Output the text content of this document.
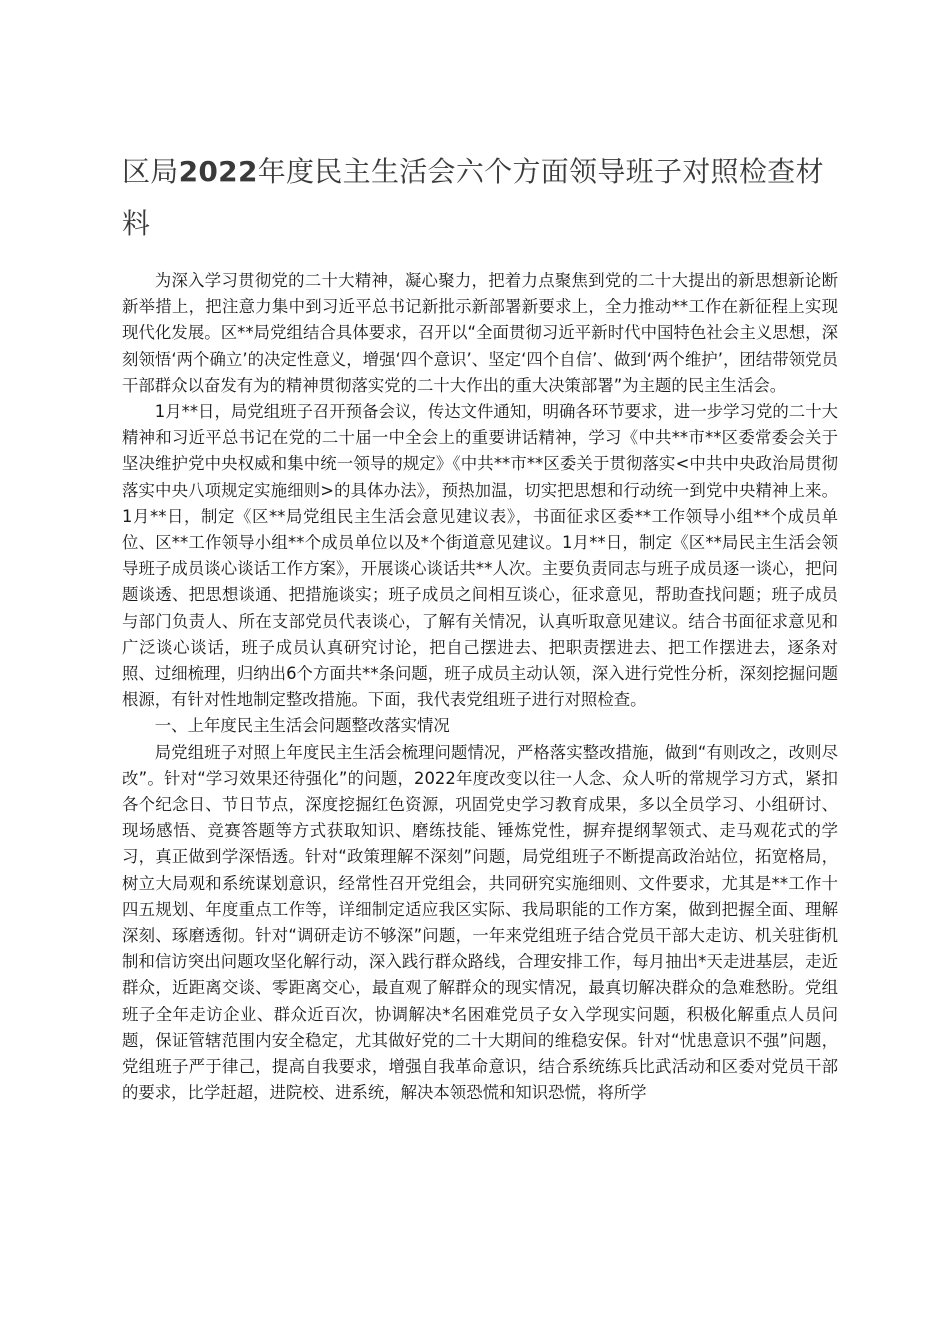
区局2022年度民主生活会六个方面领导班子对照检查材料

为深入学习贯彻党的二十大精神，凝心聚力，把着力点聚焦到党的二十大提出的新思想新论断新举措上，把注意力集中到习近平总书记新批示新部署新要求上，全力推动**工作在新征程上实现现代化发展。区**局党组结合具体要求，召开以“全面贯彻习近平新时代中国特色社会主义思想，深刻领悟‘两个确立’的决定性意义，增强‘四个意识’、坚定‘四个自信’、做到‘两个维护’，团结带领党员干部群众以奋发有为的精神贯彻落实党的二十大作出的重大决策部署”为主题的民主生活会。

1月**日，局党组班子召开预备会议，传达文件通知，明确各环节要求，进一步学习党的二十大精神和习近平总书记在党的二十届一中全会上的重要讲话精神，学习《中共**市**区委常委会关于坚决维护党中央权威和集中统一领导的规定》《中共**市**区委关于贯彻落实<中共中央政治局贯彻落实中央八项规定实施细则>的具体办法》，预热加温，切实把思想和行动统一到党中央精神上来。1月**日，制定《区**局党组民主生活会意见建议表》，书面征求区委**工作领导小组**个成员单位、区**工作领导小组**个成员单位以及*个街道意见建议。1月**日，制定《区**局民主生活会领导班子成员谈心谈话工作方案》，开展谈心谈话共**人次。主要负责同志与班子成员逐一谈心，把问题谈透、把思想谈通、把措施谈实；班子成员之间相互谈心，征求意见，帮助查找问题；班子成员与部门负责人、所在支部党员代表谈心，了解有关情况，认真听取意见建议。结合书面征求意见和广泛谈心谈话，班子成员认真研究讨论，把自己摆进去、把职责摆进去、把工作摆进去，逐条对照、过细梳理，归纳出6个方面共**条问题，班子成员主动认领，深入进行党性分析，深刻挖掘问题根源，有针对性地制定整改措施。下面，我代表党组班子进行对照检查。

一、上年度民主生活会问题整改落实情况

局党组班子对照上年度民主生活会梳理问题情况，严格落实整改措施，做到“有则改之，改则尽改”。针对“学习效果还待强化”的问题，2022年度改变以往一人念、众人听的常规学习方式，紧扣各个纪念日、节日节点，深度挖掘红色资源，巩固党史学习教育成果，多以全员学习、小组研讨、现场感悟、竞赛答题等方式获取知识、磨练技能、锤炼党性，摒弃提纲挈领式、走马观花式的学习，真正做到学深悟透。针对“政策理解不深刻”问题，局党组班子不断提高政治站位，拓宽格局，树立大局观和系统谋划意识，经常性召开党组会，共同研究实施细则、文件要求，尤其是**工作十四五规划、年度重点工作等，详细制定适应我区实际、我局职能的工作方案，做到把握全面、理解深刻、琢磨透彻。针对“调研走访不够深”问题，一年来党组班子结合党员干部大走访、机关驻街机制和信访突出问题攻坚化解行动，深入践行群众路线，合理安排工作，每月抽出*天走进基层，走近群众，近距离交谈、零距离交心，最直观了解群众的现实情况，最真切解决群众的急难愁盼。党组班子全年走访企业、群众近百次，协调解决*名困难党员子女入学现实问题，积极化解重点人员问题，保证管辖范围内安全稳定，尤其做好党的二十大期间的维稳安保。针对“忧患意识不强”问题，党组班子严于律己，提高自我要求，增强自我革命意识，结合系统练兵比武活动和区委对党员干部的要求，比学赶超，进院校、进系统，解决本领恐慌和知识恐慌，将所学
